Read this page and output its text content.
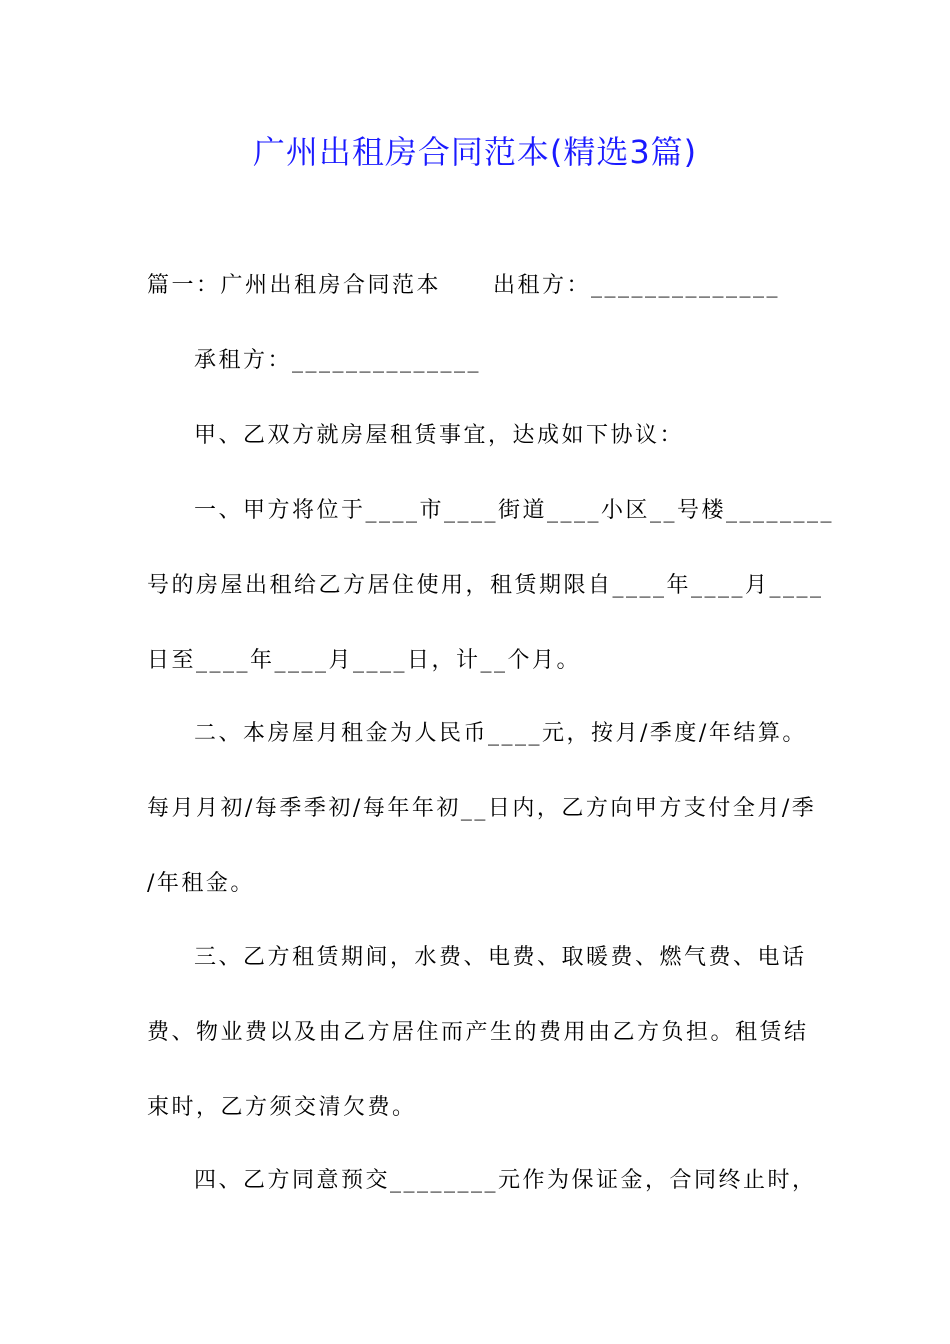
广州出租房合同范本(精选3篇)
篇一：广州出租房合同范本 出租方：______________
承租方：______________
甲、乙双方就房屋租赁事宜，达成如下协议：
一、甲方将位于____市____街道____小区__号楼________
号的房屋出租给乙方居住使用，租赁期限自____年____月____
日至____年____月____日，计__个月。
二、本房屋月租金为人民币____元，按月/季度/年结算。
每月月初/每季季初/每年年初__日内，乙方向甲方支付全月/季
/年租金。
三、乙方租赁期间，水费、电费、取暖费、燃气费、电话
费、物业费以及由乙方居住而产生的费用由乙方负担。租赁结
束时，乙方须交清欠费。
四、乙方同意预交________元作为保证金，合同终止时，
